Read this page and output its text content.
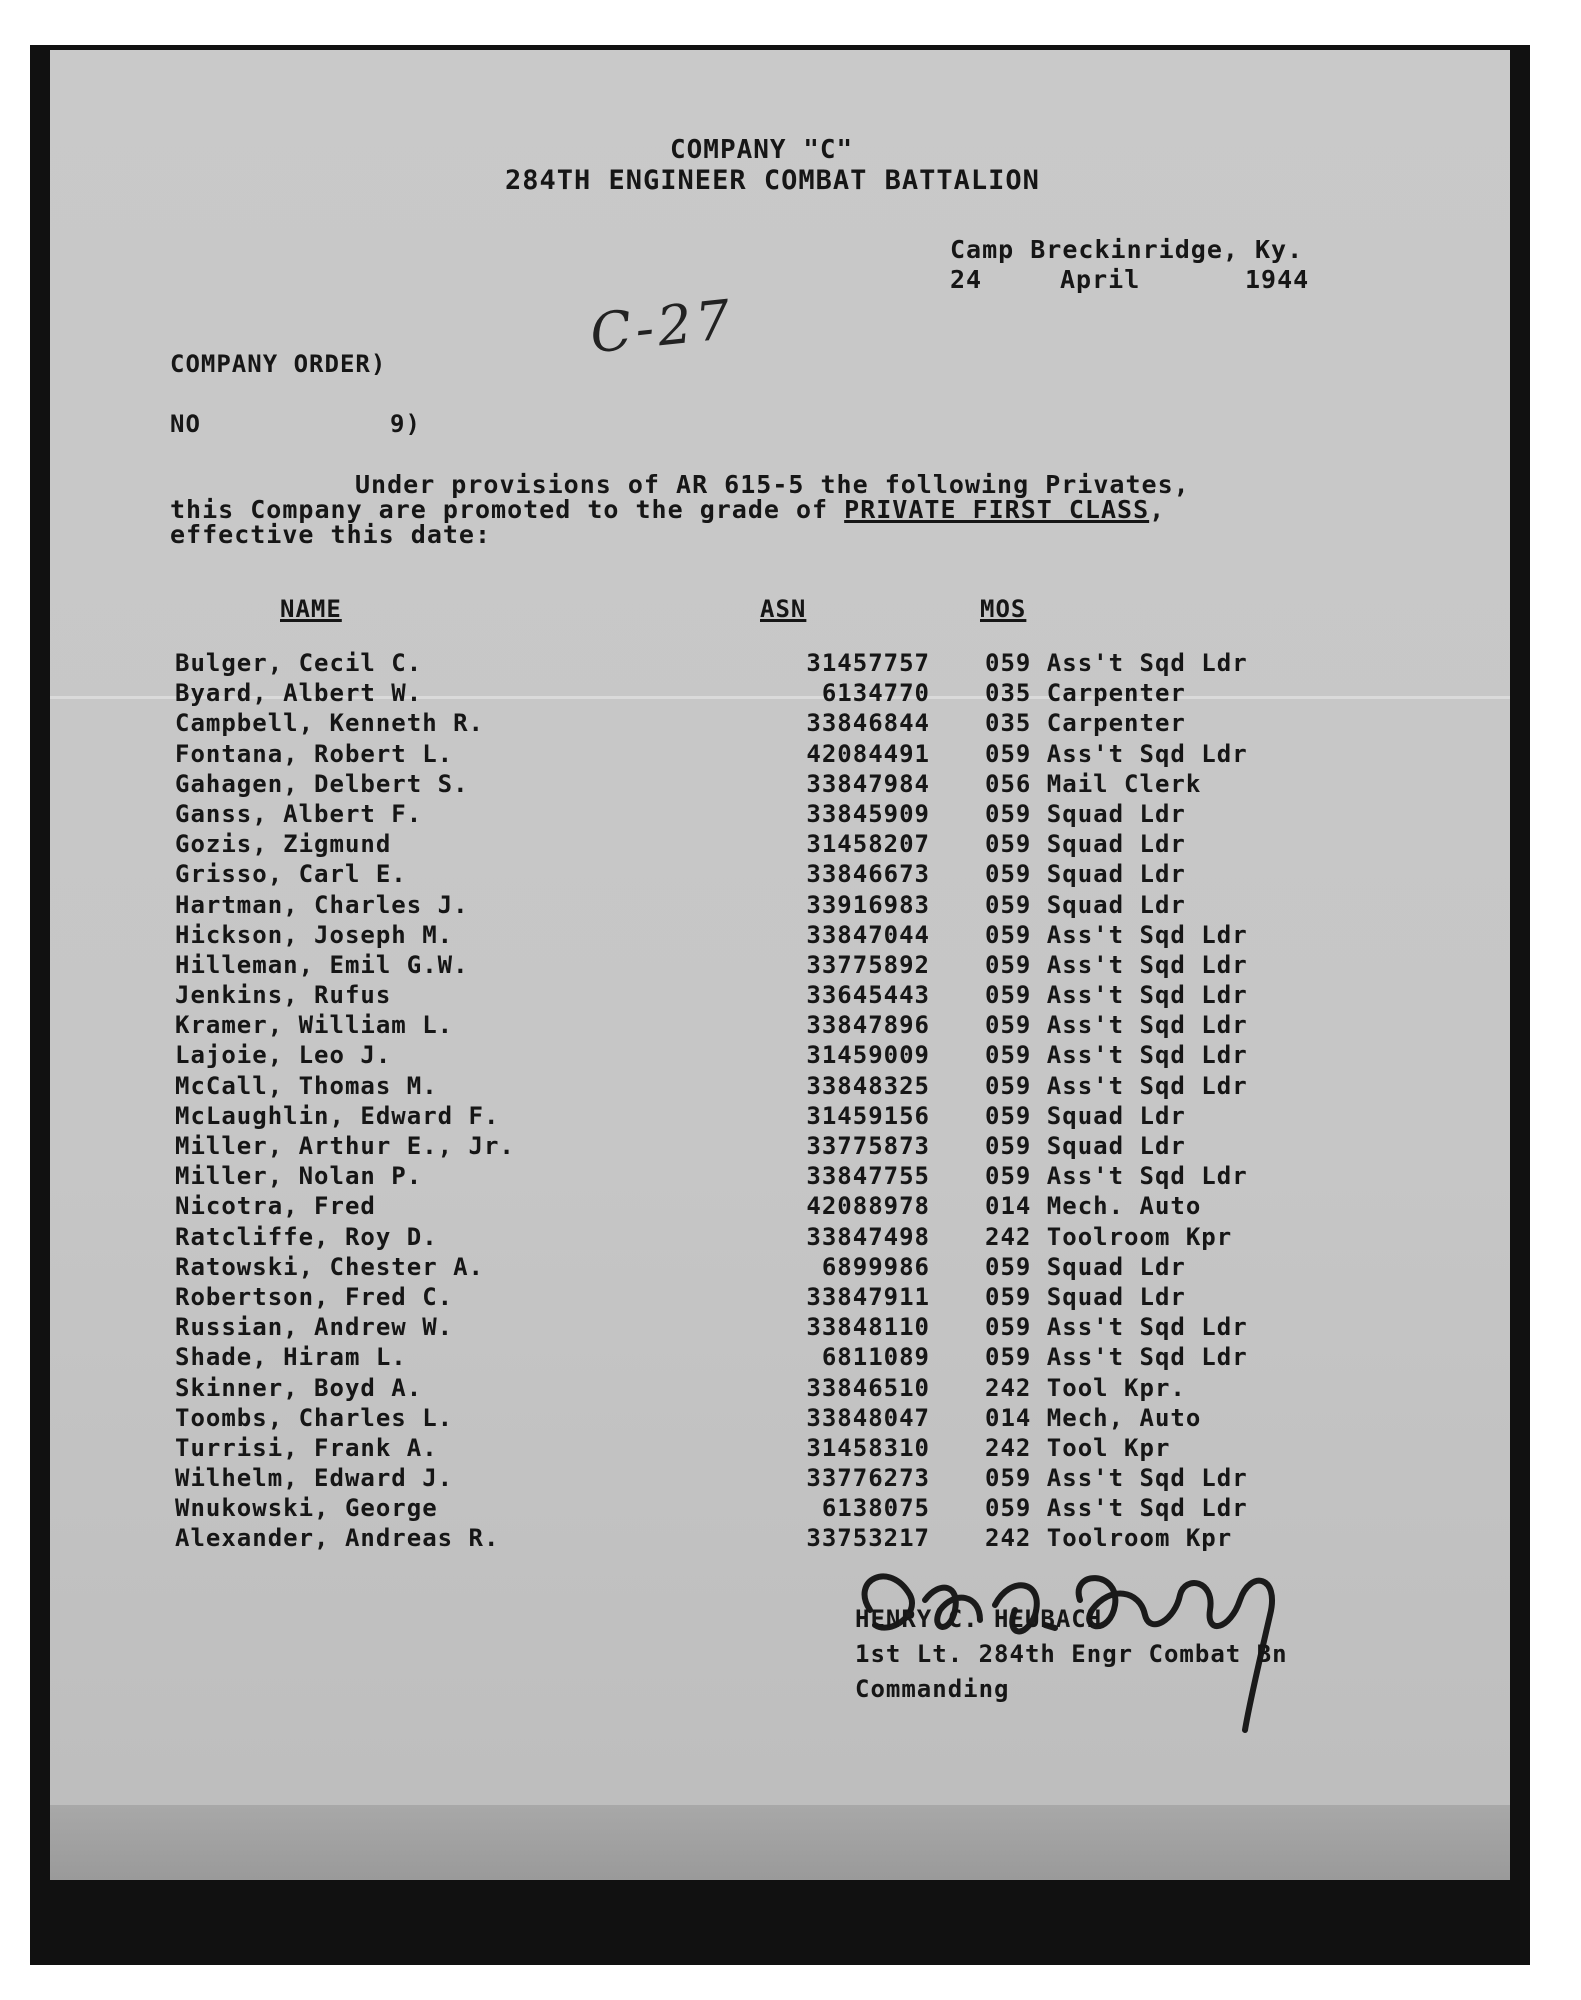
COMPANY "C"
284TH ENGINEER COMBAT BATTALION
Camp Breckinridge, Ky.
24	April	1944
C-27
COMPANY ORDER)
NO	9)
Under provisions of AR 615-5 the following Privates,
this Company are promoted to the grade of PRIVATE FIRST CLASS,
effective this date:
NAME	ASN	MOS
Bulger, Cecil C.	31457757 059 Ass't Sqd Ldr
Byard, Albert W.	6134770 035 Carpenter
Campbell, Kenneth R.	33846844 035 Carpenter
Fontana, Robert L.	42084491 059 Ass't Sqd Ldr
Gahagen, Delbert S.	33847984 056 Mail Clerk
Ganss, Albert F.	33845909 059 Squad Ldr
Gozis, Zigmund	31458207 059 Squad Ldr
Grisso, Carl E.	33846673 059 Squad Ldr
Hartman, Charles J.	33916983 059 Squad Ldr
Hickson, Joseph M.	33847044 059 Ass't Sqd Ldr
Hilleman, Emil G.W.	33775892 059 Ass't Sqd Ldr
Jenkins, Rufus	33645443 059 Ass't Sqd Ldr
Kramer, William L.	33847896 059 Ass't Sqd Ldr
Lajoie, Leo J.	31459009 059 Ass't Sqd Ldr
McCall, Thomas M.	33848325 059 Ass't Sqd Ldr
McLaughlin, Edward F.	31459156 059 Squad Ldr
Miller, Arthur E., Jr.	33775873 059 Squad Ldr
Miller, Nolan P.	33847755 059 Ass't Sqd Ldr
Nicotra, Fred	42088978 014 Mech. Auto
Ratcliffe, Roy D.	33847498 242 Toolroom Kpr
Ratowski, Chester A.	6899986 059 Squad Ldr
Robertson, Fred C.	33847911 059 Squad Ldr
Russian, Andrew W.	33848110 059 Ass't Sqd Ldr
Shade, Hiram L.	6811089 059 Ass't Sqd Ldr
Skinner, Boyd A.	33846510 242 Tool Kpr.
Toombs, Charles L.	33848047 014 Mech, Auto
Turrisi, Frank A.	31458310 242 Tool Kpr
Wilhelm, Edward J.	33776273 059 Ass't Sqd Ldr
Wnukowski, George	6138075 059 Ass't Sqd Ldr
Alexander, Andreas R.	33753217 242 Toolroom Kpr
HENRY C. HEUBACH
1st Lt. 284th Engr Combat Bn
Commanding
